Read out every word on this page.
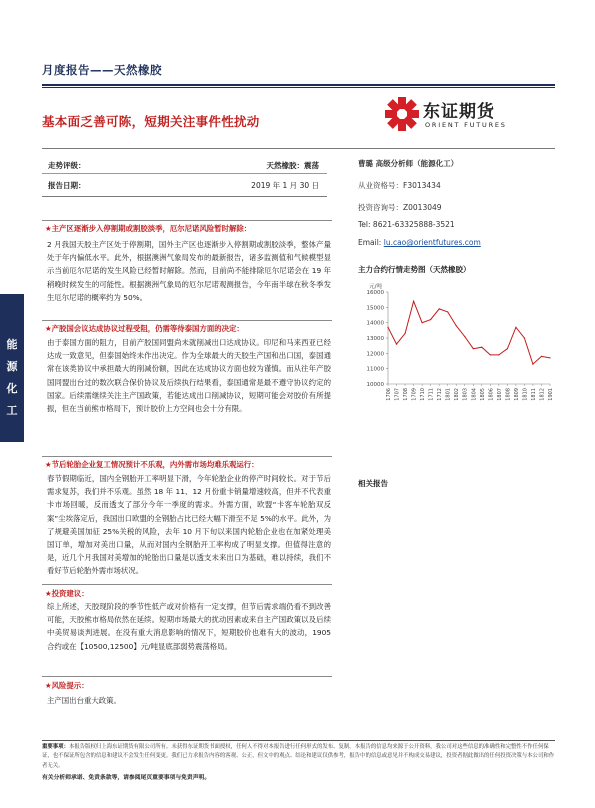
月度报告——天然橡胶
基本面乏善可陈，短期关注事件性扰动	东证期货
ORIENT FUTURES
走势评级：	天然橡胶：震荡
报告日期：	2019 年 1 月 30 日
曹璐 高级分析师（能源化工）
从业资格号：F3013434
投资咨询号：Z0013049
Tel: 8621-63325888-3521
Email: lu.cao@orientfutures.com
主力合约行情走势图（天然橡胶）
元/吨
10000
11000
12000
13000
14000
15000
16000
1706 1707 1708 1709 1710 1711 1712 1801 1802 1803 1804 1805 1806 1807 1808 1809 1810 1811 1812 1901
相关报告
能
源
化
工
★主产区逐渐步入停割期或割胶淡季，厄尔尼诺风险暂时解除：
2 月我国天胶主产区处于停割期，国外主产区也逐渐步入停割期或割胶淡季，整体产量处于年内偏低水平。此外，根据澳洲气象局发布的最新报告，诸多监测值和气候模型显示当前厄尔尼诺的发生风险已经暂时解除。然而，目前尚不能排除厄尔尼诺会在 19 年稍晚时候发生的可能性。根据澳洲气象局的厄尔尼诺观测报告，今年南半球在秋冬季发生厄尔尼诺的概率约为 50%。
★产胶国会议达成协议过程受阻，仍需等待泰国方面的决定：
由于泰国方面的阻力，目前产胶国同盟尚未就削减出口达成协议。印尼和马来西亚已经达成一致意见，但泰国始终未作出决定。作为全球最大的天胶生产国和出口国，泰国通常在该类协议中承担最大的削减份额，因此在达成协议方面也较为谨慎。而从往年产胶国同盟出台过的数次联合保价协议及后续执行结果看，泰国通常是最不遵守协议约定的国家。后续需继续关注主产国政策，若能达成出口削减协议，短期可能会对胶价有所提振，但在当前熊市格局下，预计胶价上方空间也会十分有限。
★节后轮胎企业复工情况预计不乐观，内外需市场均难乐观运行：
春节假期临近，国内全钢胎开工率明显下滑，今年轮胎企业的停产时间较长。对于节后需求复苏，我们并不乐观。虽然 18 年 11、12 月份重卡销量增速较高，但并不代表重卡市场回暖，反而透支了部分今年一季度的需求。外需方面，欧盟“卡客车轮胎双反案”尘埃落定后，我国出口欧盟的全钢胎占比已经大幅下滑至不足 5%的水平。此外，为了规避美国加征 25%关税的风险，去年 10 月下旬以来国内轮胎企业也在加紧处理美国订单，增加对美出口量，从而对国内全钢胎开工率构成了明显支撑。但值得注意的是，近几个月我国对美增加的轮胎出口量是以透支未来出口为基础，难以持续，我们不看好节后轮胎外需市场状况。
★投资建议：
综上所述，天胶现阶段的季节性低产或对价格有一定支撑，但节后需求端仍看不到改善可能，天胶熊市格局依然在延续。短期市场最大的扰动因素或来自主产国政策以及后续中美贸易谈判进展。在没有重大消息影响的情况下，短期胶价也难有大的波动，1905 合约或在【10500,12500】元/吨显底部弱势震荡格局。
★风险提示：
主产国出台重大政策。
重要事项：本报告版权归上海东证期货有限公司所有。未获得东证期货书面授权，任何人不得对本报告进行任何形式的发布、复制。本报告的信息均来源于公开资料，我公司对这些信息的准确性和完整性不作任何保证，也不保证所包含的信息和建议不会发生任何变更。我们已力求报告内容的客观、公正，但文中的观点、结论和建议仅供参考，报告中的信息或意见并不构成交易建议，投资者据此做出的任何投资决策与本公司和作者无关。
有关分析师承诺、免责条款等，请参阅尾页重要事项与免责声明。
